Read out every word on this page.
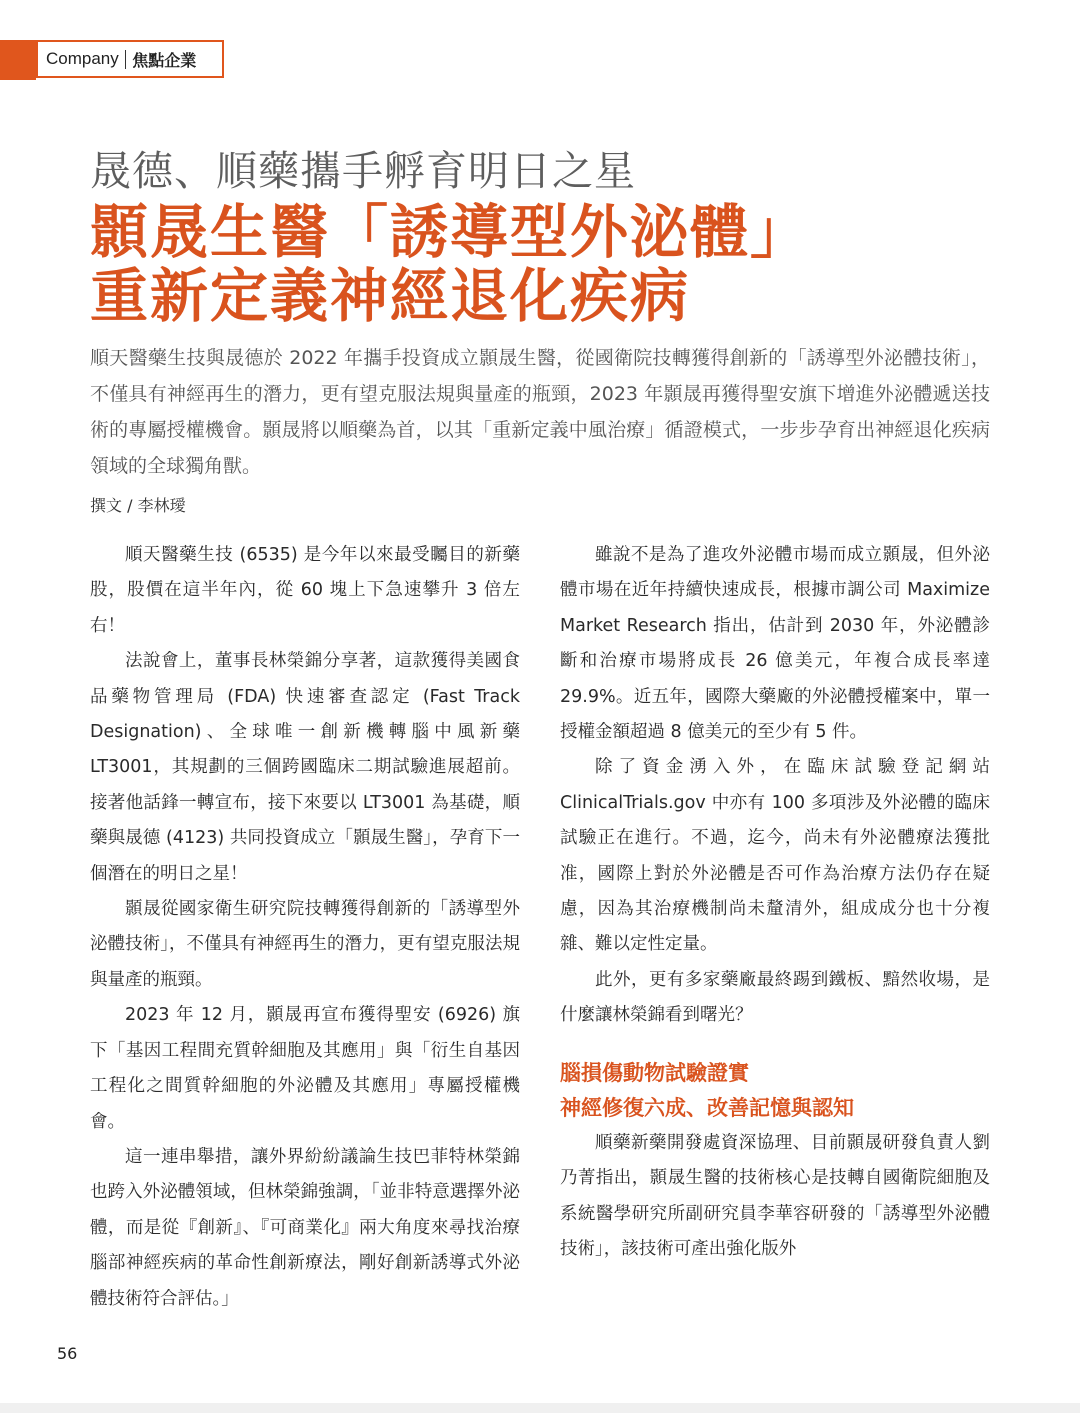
Company 焦點企業
晟德、順藥攜手孵育明日之星
顥晟生醫「誘導型外泌體」
重新定義神經退化疾病
順天醫藥生技與晟德於 2022 年攜手投資成立顥晟生醫，從國衛院技轉獲得創新的「誘導型外泌體技術」，不僅具有神經再生的潛力，更有望克服法規與量產的瓶頸，2023 年顥晟再獲得聖安旗下增進外泌體遞送技術的專屬授權機會。顥晟將以順藥為首，以其「重新定義中風治療」循證模式，一步步孕育出神經退化疾病領域的全球獨角獸。
撰文 / 李林璦

順天醫藥生技 (6535) 是今年以來最受矚目的新藥股，股價在這半年內，從 60 塊上下急速攀升 3 倍左右！

法說會上，董事長林榮錦分享著，這款獲得美國食品藥物管理局 (FDA) 快速審查認定 (Fast Track Designation)、全球唯一創新機轉腦中風新藥 LT3001，其規劃的三個跨國臨床二期試驗進展超前。接著他話鋒一轉宣布，接下來要以 LT3001 為基礎，順藥與晟德 (4123) 共同投資成立「顥晟生醫」，孕育下一個潛在的明日之星！

顥晟從國家衛生研究院技轉獲得創新的「誘導型外泌體技術」，不僅具有神經再生的潛力，更有望克服法規與量產的瓶頸。

2023 年 12 月，顥晟再宣布獲得聖安 (6926) 旗下「基因工程間充質幹細胞及其應用」與「衍生自基因工程化之間質幹細胞的外泌體及其應用」專屬授權機會。

這一連串舉措，讓外界紛紛議論生技巴菲特林榮錦也跨入外泌體領域，但林榮錦強調，「並非特意選擇外泌體，而是從『創新』、『可商業化』兩大角度來尋找治療腦部神經疾病的革命性創新療法，剛好創新誘導式外泌體技術符合評估。」

雖說不是為了進攻外泌體市場而成立顥晟，但外泌體市場在近年持續快速成長，根據市調公司 Maximize Market Research 指出，估計到 2030 年，外泌體診斷和治療市場將成長 26 億美元，年複合成長率達 29.9%。近五年，國際大藥廠的外泌體授權案中，單一授權金額超過 8 億美元的至少有 5 件。

除了資金湧入外，在臨床試驗登記網站 ClinicalTrials.gov 中亦有 100 多項涉及外泌體的臨床試驗正在進行。不過，迄今，尚未有外泌體療法獲批准，國際上對於外泌體是否可作為治療方法仍存在疑慮，因為其治療機制尚未釐清外，組成成分也十分複雜、難以定性定量。

此外，更有多家藥廠最終踢到鐵板、黯然收場，是什麼讓林榮錦看到曙光？

腦損傷動物試驗證實
神經修復六成、改善記憶與認知

順藥新藥開發處資深協理、目前顥晟研發負責人劉乃菁指出，顥晟生醫的技術核心是技轉自國衛院細胞及系統醫學研究所副研究員李華容研發的「誘導型外泌體技術」，該技術可產出強化版外

56
